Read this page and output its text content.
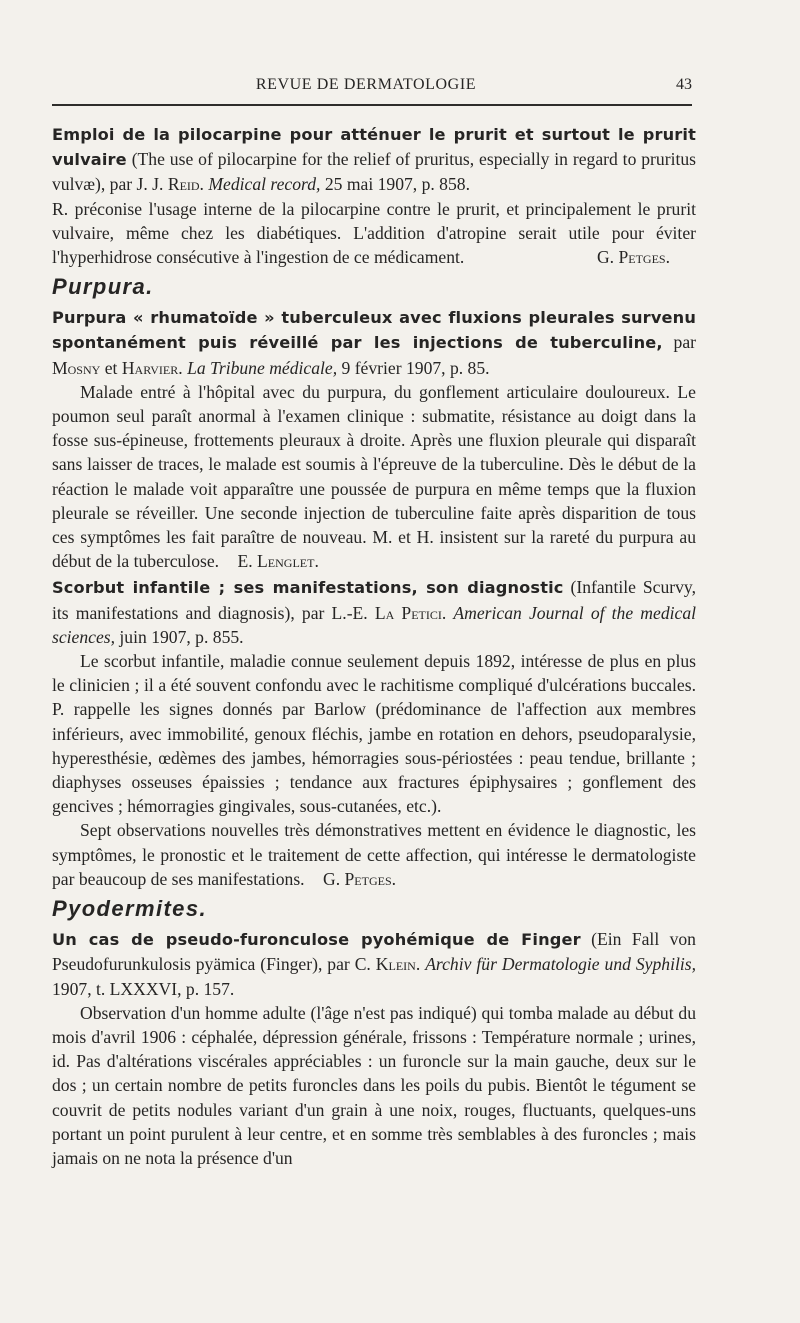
REVUE DE DERMATOLOGIE	43

Emploi de la pilocarpine pour atténuer le prurit et surtout le prurit vulvaire (The use of pilocarpine for the relief of pruritus, especially in regard to pruritus vulvæ), par J. J. Reid. Medical record, 25 mai 1907, p. 858.

R. préconise l'usage interne de la pilocarpine contre le prurit, et principalement le prurit vulvaire, même chez les diabétiques. L'addition d'atropine serait utile pour éviter l'hyperhidrose consécutive à l'ingestion de ce médicament.	G. Petges.

Purpura.

Purpura « rhumatoïde » tuberculeux avec fluxions pleurales survenu spontanément puis réveillé par les injections de tuberculine, par Mosny et Harvier. La Tribune médicale, 9 février 1907, p. 85.

Malade entré à l'hôpital avec du purpura, du gonflement articulaire douloureux. Le poumon seul paraît anormal à l'examen clinique : submatite, résistance au doigt dans la fosse sus-épineuse, frottements pleuraux à droite. Après une fluxion pleurale qui disparaît sans laisser de traces, le malade est soumis à l'épreuve de la tuberculine. Dès le début de la réaction le malade voit apparaître une poussée de purpura en même temps que la fluxion pleurale se réveiller. Une seconde injection de tuberculine faite après disparition de tous ces symptômes les fait paraître de nouveau. M. et H. insistent sur la rareté du purpura au début de la tuberculose. E. Lenglet.

Scorbut infantile ; ses manifestations, son diagnostic (Infantile Scurvy, its manifestations and diagnosis), par L.-E. La Petici. American Journal of the medical sciences, juin 1907, p. 855.

Le scorbut infantile, maladie connue seulement depuis 1892, intéresse de plus en plus le clinicien ; il a été souvent confondu avec le rachitisme compliqué d'ulcérations buccales. P. rappelle les signes donnés par Barlow (prédominance de l'affection aux membres inférieurs, avec immobilité, genoux fléchis, jambe en rotation en dehors, pseudoparalysie, hyperesthésie, œdèmes des jambes, hémorragies sous-périostées : peau tendue, brillante ; diaphyses osseuses épaissies ; tendance aux fractures épiphysaires ; gonflement des gencives ; hémorragies gingivales, sous-cutanées, etc.).

Sept observations nouvelles très démonstratives mettent en évidence le diagnostic, les symptômes, le pronostic et le traitement de cette affection, qui intéresse le dermatologiste par beaucoup de ses manifestations. G. Petges.

Pyodermites.

Un cas de pseudo-furonculose pyohémique de Finger (Ein Fall von Pseudofurunkulosis pyämica (Finger), par C. Klein. Archiv für Dermatologie und Syphilis, 1907, t. LXXXVI, p. 157.

Observation d'un homme adulte (l'âge n'est pas indiqué) qui tomba malade au début du mois d'avril 1906 : céphalée, dépression générale, frissons : Température normale ; urines, id. Pas d'altérations viscérales appréciables : un furoncle sur la main gauche, deux sur le dos ; un certain nombre de petits furoncles dans les poils du pubis. Bientôt le tégument se couvrit de petits nodules variant d'un grain à une noix, rouges, fluctuants, quelques-uns portant un point purulent à leur centre, et en somme très semblables à des furoncles ; mais jamais on ne nota la présence d'un
